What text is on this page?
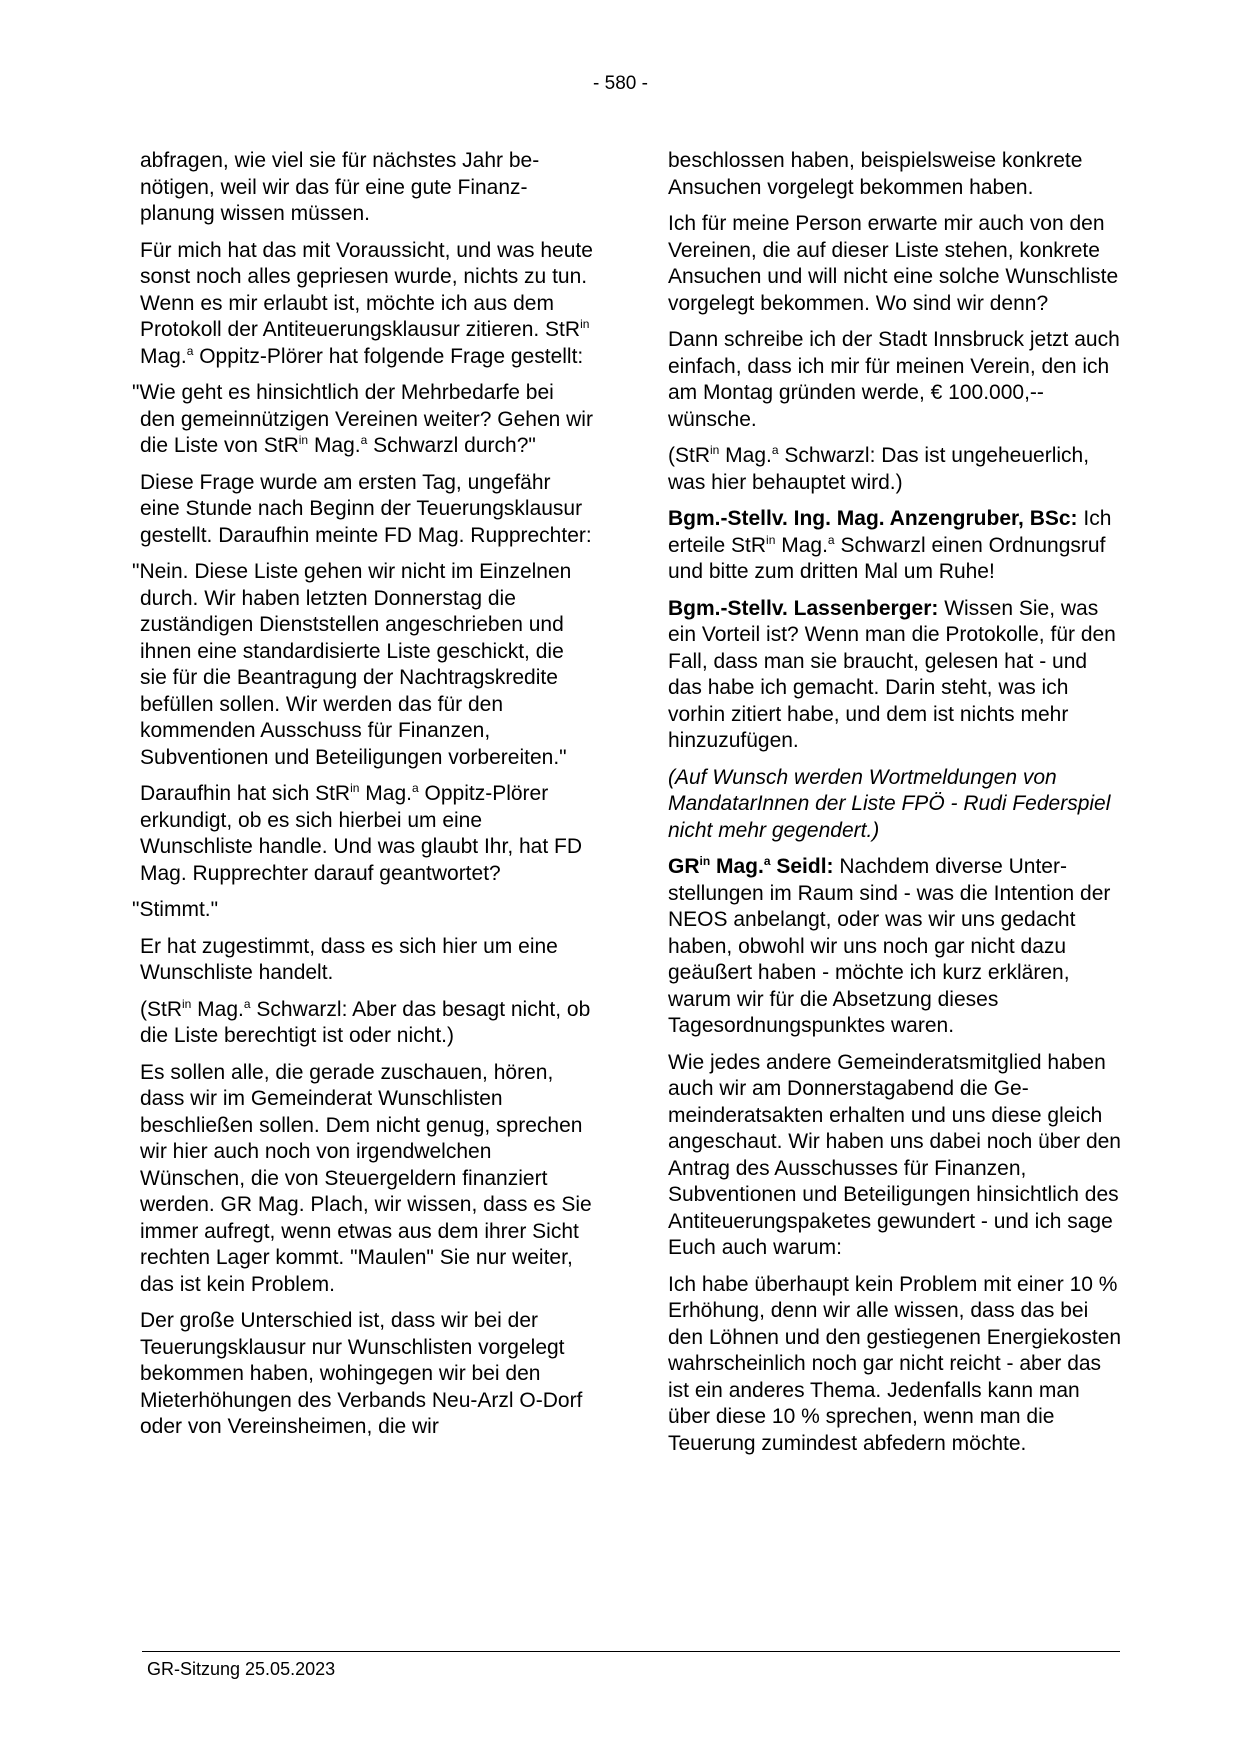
- 580 -

abfragen, wie viel sie für nächstes Jahr benötigen, weil wir das für eine gute Finanzplanung wissen müssen.

Für mich hat das mit Voraussicht, und was heute sonst noch alles gepriesen wurde, nichts zu tun. Wenn es mir erlaubt ist, möchte ich aus dem Protokoll der Antiteuerungsklausur zitieren. StR$^{in}$ Mag.$^a$ Oppitz-Plörer hat folgende Frage gestellt:

"Wie geht es hinsichtlich der Mehrbedarfe bei den gemeinnützigen Vereinen weiter? Gehen wir die Liste von StR$^{in}$ Mag.$^a$ Schwarzl durch?"

Diese Frage wurde am ersten Tag, ungefähr eine Stunde nach Beginn der Teuerungsklausur gestellt. Daraufhin meinte FD Mag. Rupprechter:

"Nein. Diese Liste gehen wir nicht im Einzelnen durch. Wir haben letzten Donnerstag die zuständigen Dienststellen angeschrieben und ihnen eine standardisierte Liste geschickt, die sie für die Beantragung der Nachtragskredite befüllen sollen. Wir werden das für den kommenden Ausschuss für Finanzen, Subventionen und Beteiligungen vorbereiten."

Daraufhin hat sich StR$^{in}$ Mag.$^a$ Oppitz-Plörer erkundigt, ob es sich hierbei um eine Wunschliste handle. Und was glaubt Ihr, hat FD Mag. Rupprechter darauf geantwortet?

"Stimmt."

Er hat zugestimmt, dass es sich hier um eine Wunschliste handelt.

(StR$^{in}$ Mag.$^a$ Schwarzl: Aber das besagt nicht, ob die Liste berechtigt ist oder nicht.)

Es sollen alle, die gerade zuschauen, hören, dass wir im Gemeinderat Wunschlisten beschließen sollen. Dem nicht genug, sprechen wir hier auch noch von irgendwelchen Wünschen, die von Steuergeldern finanziert werden. GR Mag. Plach, wir wissen, dass es Sie immer aufregt, wenn etwas aus dem ihrer Sicht rechten Lager kommt. "Maulen" Sie nur weiter, das ist kein Problem.

Der große Unterschied ist, dass wir bei der Teuerungsklausur nur Wunschlisten vorgelegt bekommen haben, wohingegen wir bei den Mieterhöhungen des Verbands Neu-Arzl O-Dorf oder von Vereinsheimen, die wir

beschlossen haben, beispielsweise konkrete Ansuchen vorgelegt bekommen haben.

Ich für meine Person erwarte mir auch von den Vereinen, die auf dieser Liste stehen, konkrete Ansuchen und will nicht eine solche Wunschliste vorgelegt bekommen. Wo sind wir denn?

Dann schreibe ich der Stadt Innsbruck jetzt auch einfach, dass ich mir für meinen Verein, den ich am Montag gründen werde, € 100.000,-- wünsche.

(StR$^{in}$ Mag.$^a$ Schwarzl: Das ist ungeheuerlich, was hier behauptet wird.)

Bgm.-Stellv. Ing. Mag. Anzengruber, BSc: Ich erteile StR$^{in}$ Mag.$^a$ Schwarzl einen Ordnungsruf und bitte zum dritten Mal um Ruhe!

Bgm.-Stellv. Lassenberger: Wissen Sie, was ein Vorteil ist? Wenn man die Protokolle, für den Fall, dass man sie braucht, gelesen hat - und das habe ich gemacht. Darin steht, was ich vorhin zitiert habe, und dem ist nichts mehr hinzuzufügen.

(Auf Wunsch werden Wortmeldungen von MandatarInnen der Liste FPÖ - Rudi Federspiel nicht mehr gegendert.)

$GR^{in}$ Mag.$^a$ Seidl: Nachdem diverse Unterstellungen im Raum sind - was die Intention der NEOS anbelangt, oder was wir uns gedacht haben, obwohl wir uns noch gar nicht dazu geäußert haben - möchte ich kurz erklären, warum wir für die Absetzung dieses Tagesordnungspunktes waren.

Wie jedes andere Gemeinderatsmitglied haben auch wir am Donnerstagabend die Gemeinderatsakten erhalten und uns diese gleich angeschaut. Wir haben uns dabei noch über den Antrag des Ausschusses für Finanzen, Subventionen und Beteiligungen hinsichtlich des Antiteuerungspaketes gewundert - und ich sage Euch auch warum:

Ich habe überhaupt kein Problem mit einer 10 % Erhöhung, denn wir alle wissen, dass das bei den Löhnen und den gestiegenen Energiekosten wahrscheinlich noch gar nicht reicht - aber das ist ein anderes Thema. Jedenfalls kann man über diese 10 % sprechen, wenn man die Teuerung zumindest abfedern möchte.

GR-Sitzung 25.05.2023
